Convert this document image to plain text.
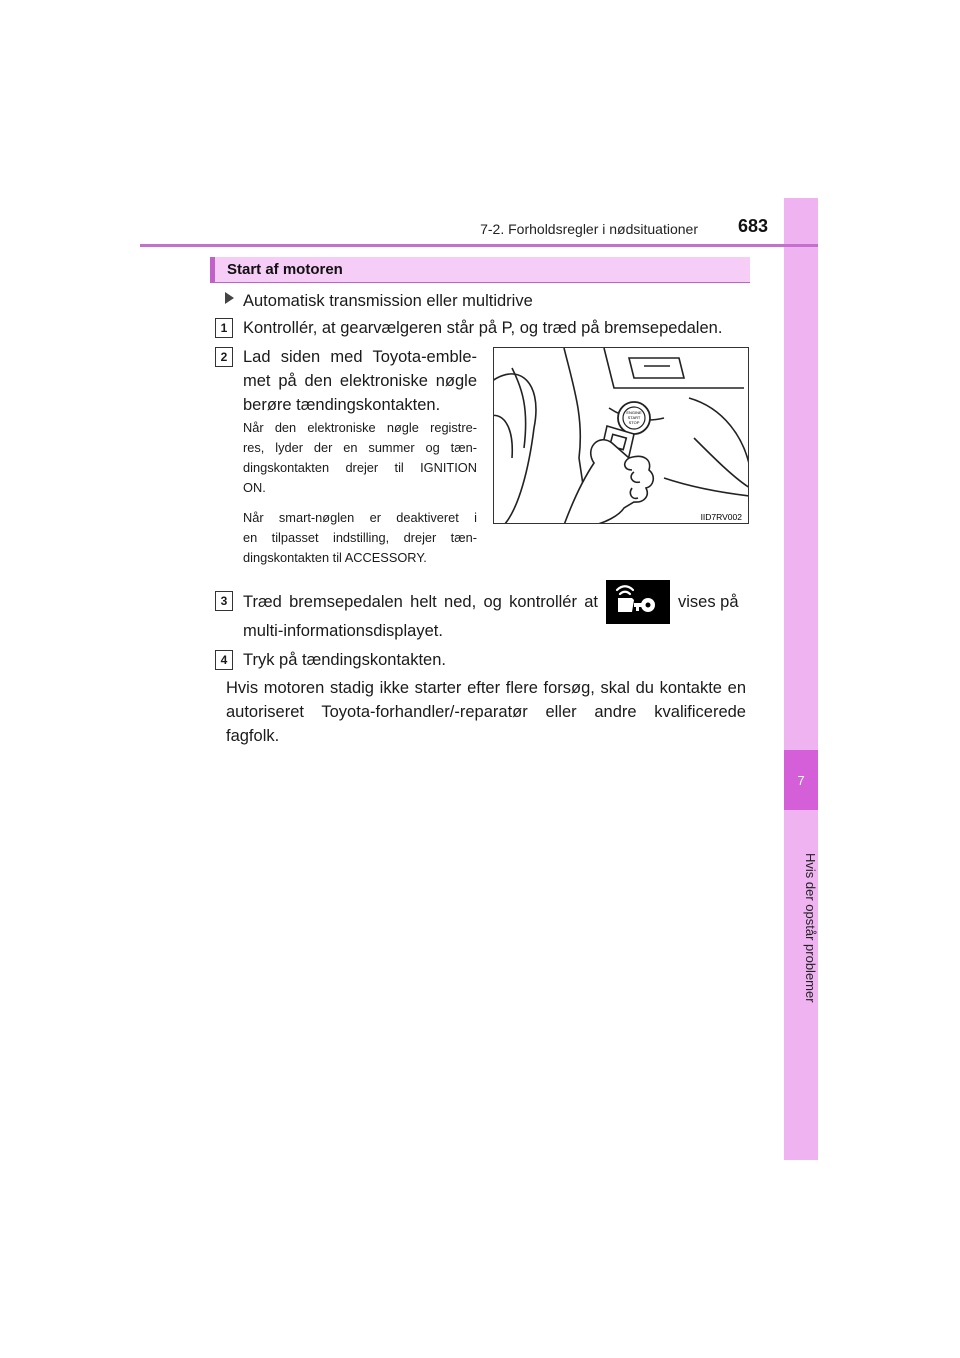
7
Hvis der opstår problemer
7-2. Forholdsregler i nødsituationer 683
Start af motoren
Automatisk transmission eller multidrive
1 Kontrollér, at gearvælgeren står på P, og træd på bremsepedalen.
2 Lad siden med Toyota-emble-
met på den elektroniske nøgle
berøre tændingskontakten.
Når den elektroniske nøgle registre-
res, lyder der en summer og tæn-
dingskontakten drejer til IGNITION
ON.
Når smart-nøglen er deaktiveret i
en tilpasset indstilling, drejer tæn-
dingskontakten til ACCESSORY.
ENGINE
START
STOP
IID7RV002
3 Træd bremsepedalen helt ned, og kontrollér at	vises på
multi-informationsdisplayet.
4 Tryk på tændingskontakten.
Hvis motoren stadig ikke starter efter flere forsøg, skal du kontakte en
autoriseret Toyota-forhandler/-reparatør eller andre kvalificerede
fagfolk.
